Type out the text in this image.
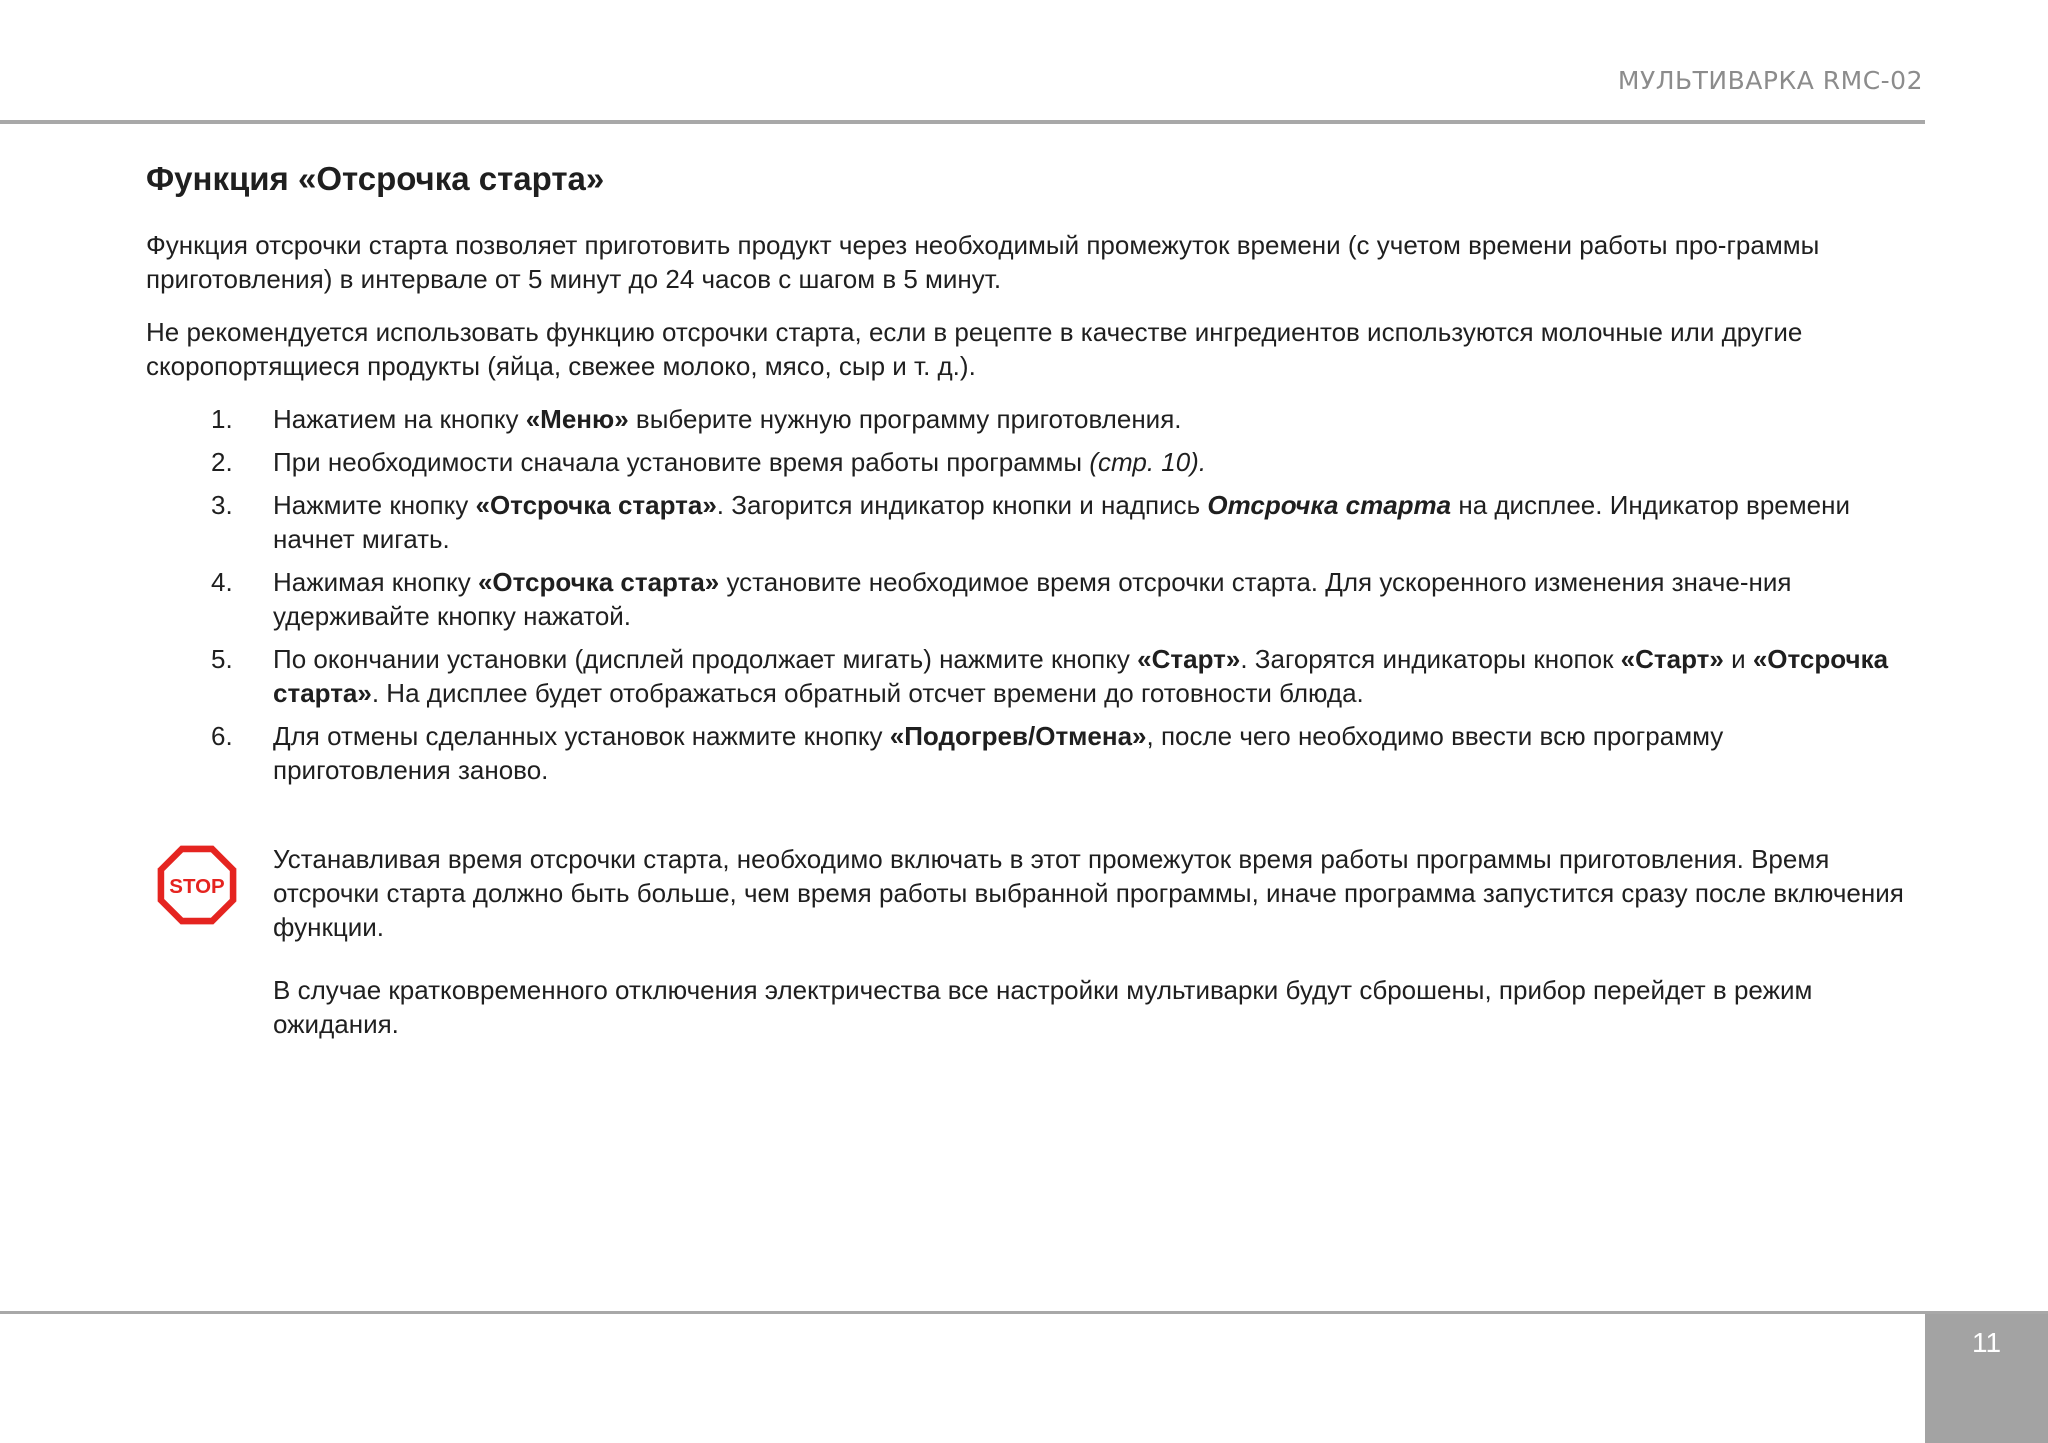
МУЛЬТИВАРКА RMC-02
Функция «Отсрочка старта»

Функция отсрочки старта позволяет приготовить продукт через необходимый промежуток времени (с учетом времени работы про-граммы приготовления) в интервале от 5 минут до 24 часов с шагом в 5 минут.

Не рекомендуется использовать функцию отсрочки старта, если в рецепте в качестве ингредиентов используются молочные или другие скоропортящиеся продукты (яйца, свежее молоко, мясо, сыр и т. д.).

1. Нажатием на кнопку «Меню» выберите нужную программу приготовления.
2. При необходимости сначала установите время работы программы (стр. 10).
3. Нажмите кнопку «Отсрочка старта». Загорится индикатор кнопки и надпись Отсрочка старта на дисплее. Индикатор времени начнет мигать.
4. Нажимая кнопку «Отсрочка старта» установите необходимое время отсрочки старта. Для ускоренного изменения значе-ния удерживайте кнопку нажатой.
5. По окончании установки (дисплей продолжает мигать) нажмите кнопку «Старт». Загорятся индикаторы кнопок «Старт» и «Отсрочка старта». На дисплее будет отображаться обратный отсчет времени до готовности блюда.
6. Для отмены сделанных установок нажмите кнопку «Подогрев/Отмена», после чего необходимо ввести всю программу приготовления заново.
STOP

Устанавливая время отсрочки старта, необходимо включать в этот промежуток время работы программы приготовления. Время отсрочки старта должно быть больше, чем время работы выбранной программы, иначе программа запустится сразу после включения функции.

В случае кратковременного отключения электричества все настройки мультиварки будут сброшены, прибор перейдет в режим ожидания.

11
